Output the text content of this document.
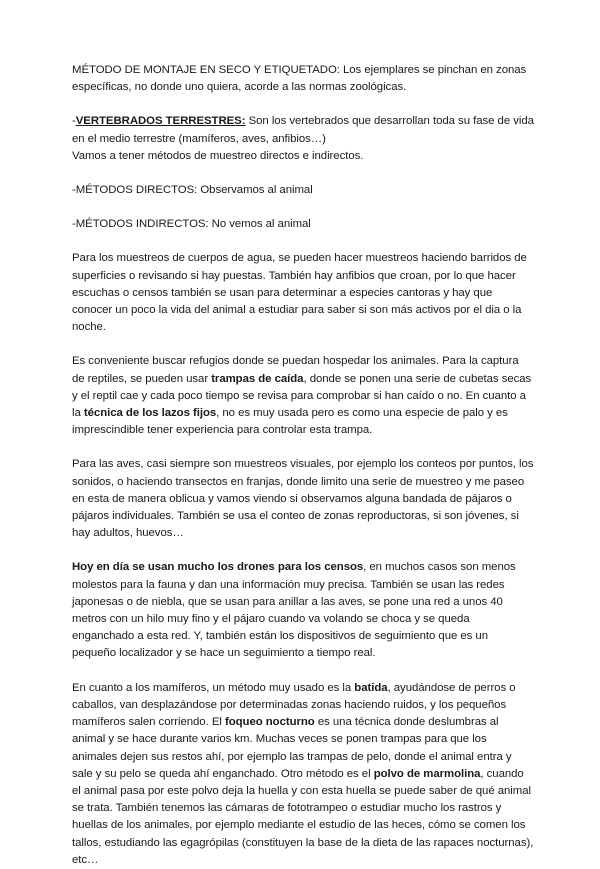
MÉTODO DE MONTAJE EN SECO Y ETIQUETADO: Los ejemplares se pinchan en zonas específicas, no donde uno quiera, acorde a las normas zoológicas.

-VERTEBRADOS TERRESTRES: Son los vertebrados que desarrollan toda su fase de vida en el medio terrestre (mamíferos, aves, anfibios…)

Vamos a tener métodos de muestreo directos e indirectos.

-MÉTODOS DIRECTOS: Observamos al animal

-MÉTODOS INDIRECTOS: No vemos al animal

Para los muestreos de cuerpos de agua, se pueden hacer muestreos haciendo barridos de superficies o revisando si hay puestas. También hay anfibios que croan, por lo que hacer escuchas o censos también se usan para determinar a especies cantoras y hay que conocer un poco la vida del animal a estudiar para saber si son más activos por el dia o la noche.

Es conveniente buscar refugios donde se puedan hospedar los animales. Para la captura de reptiles, se pueden usar trampas de caída, donde se ponen una serie de cubetas secas y el reptil cae y cada poco tiempo se revisa para comprobar si han caído o no. En cuanto a la técnica de los lazos fijos, no es muy usada pero es como una especie de palo y es imprescindible tener experiencia para controlar esta trampa.

Para las aves, casi siempre son muestreos visuales, por ejemplo los conteos por puntos, los sonidos, o haciendo transectos en franjas, donde limito una serie de muestreo y me paseo en esta de manera oblicua y vamos viendo si observamos alguna bandada de pájaros o pájaros individuales. También se usa el conteo de zonas reproductoras, si son jóvenes, si hay adultos, huevos…

Hoy en día se usan mucho los drones para los censos, en muchos casos son menos molestos para la fauna y dan una información muy precisa. También se usan las redes japonesas o de niebla, que se usan para anillar a las aves, se pone una red a unos 40 metros con un hilo muy fino y el pájaro cuando va volando se choca y se queda enganchado a esta red. Y, también están los dispositivos de seguimiento que es un pequeño localizador y se hace un seguimiento a tiempo real.

En cuanto a los mamíferos, un método muy usado es la batida, ayudándose de perros o caballos, van desplazándose por determinadas zonas haciendo ruidos, y los pequeños mamíferos salen corriendo. El foqueo nocturno es una técnica donde deslumbras al animal y se hace durante varios km. Muchas veces se ponen trampas para que los animales dejen sus restos ahí, por ejemplo las trampas de pelo, donde el animal entra y sale y su pelo se queda ahí enganchado. Otro método es el polvo de marmolina, cuando el animal pasa por este polvo deja la huella y con esta huella se puede saber de qué animal se trata. También tenemos las cámaras de fototrampeo o estudiar mucho los rastros y huellas de los animales, por ejemplo mediante el estudio de las heces, cómo se comen los tallos, estudiando las egagrópilas (constituyen la base de la dieta de las rapaces nocturnas), etc…
